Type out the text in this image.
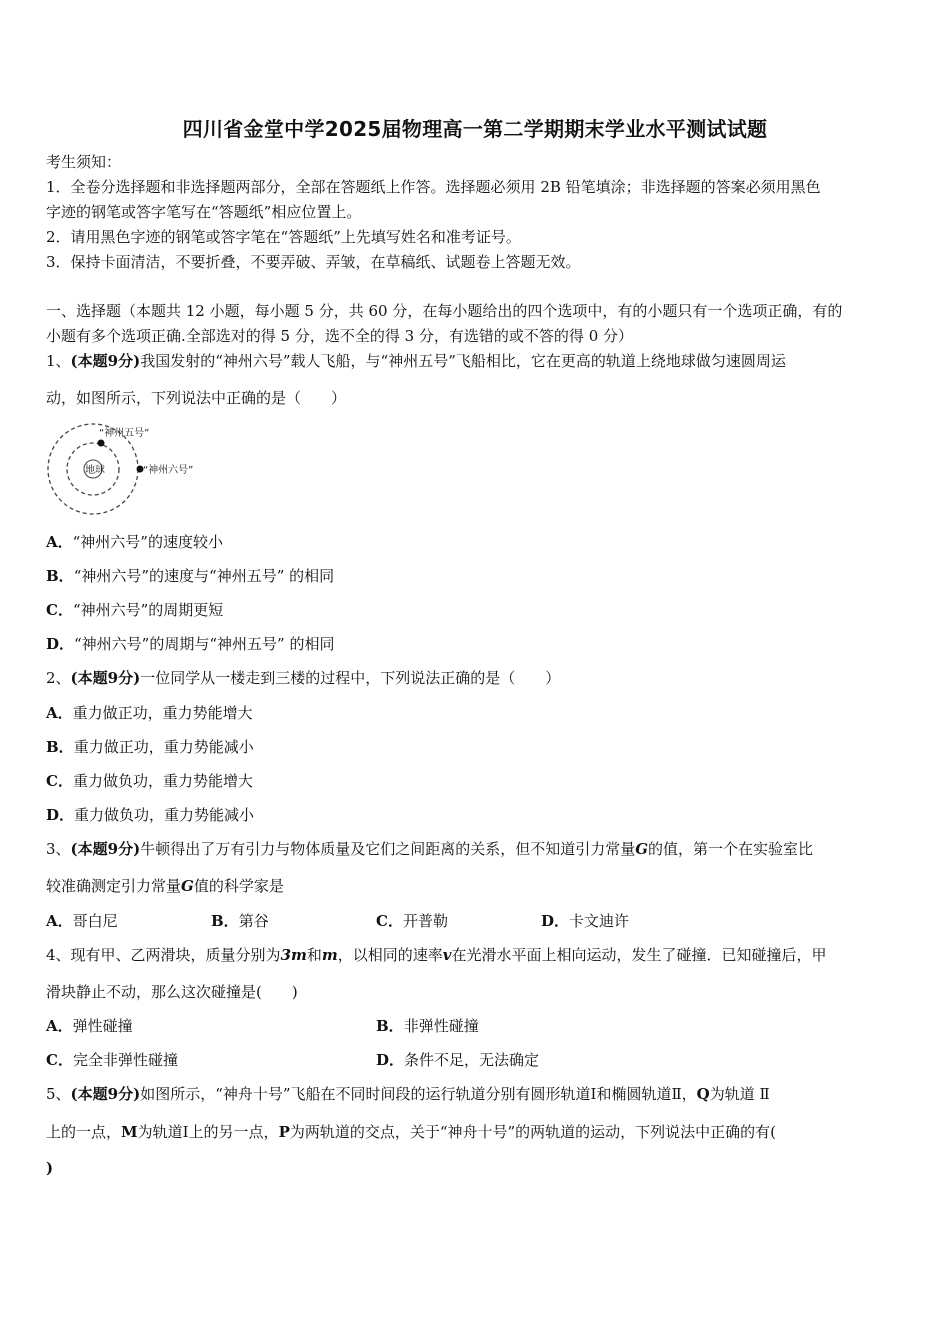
四川省金堂中学2025届物理高一第二学期期末学业水平测试试题
考生须知：
1．全卷分选择题和非选择题两部分，全部在答题纸上作答。选择题必须用 2B 铅笔填涂；非选择题的答案必须用黑色
字迹的钢笔或答字笔写在“答题纸”相应位置上。
2．请用黑色字迹的钢笔或答字笔在“答题纸”上先填写姓名和准考证号。
3．保持卡面清洁，不要折叠，不要弄破、弄皱，在草稿纸、试题卷上答题无效。
一、选择题（本题共 12 小题，每小题 5 分，共 60 分，在每小题给出的四个选项中，有的小题只有一个选项正确，有的
小题有多个选项正确.全部选对的得 5 分，选不全的得 3 分，有选错的或不答的得 0 分）
1、(本题9分)我国发射的“神州六号”载人飞船，与“神州五号”飞船相比，它在更高的轨道上绕地球做匀速圆周运
动，如图所示，下列说法中正确的是（　　）
地球
“神州五号”
“神州六号”
A．“神州六号”的速度较小
B．“神州六号”的速度与“神州五号” 的相同
C．“神州六号”的周期更短
D．“神州六号”的周期与“神州五号” 的相同
2、(本题9分)一位同学从一楼走到三楼的过程中，下列说法正确的是（　　）
A．重力做正功，重力势能增大
B．重力做正功，重力势能减小
C．重力做负功，重力势能增大
D．重力做负功，重力势能减小
3、(本题9分)牛顿得出了万有引力与物体质量及它们之间距离的关系，但不知道引力常量G的值，第一个在实验室比
较准确测定引力常量G值的科学家是
A．哥白尼	B．第谷	C．开普勒	D．卡文迪许
4、现有甲、乙两滑块，质量分别为3m和m，以相同的速率v在光滑水平面上相向运动，发生了碰撞．已知碰撞后，甲
滑块静止不动，那么这次碰撞是(　　)
A．弹性碰撞	B．非弹性碰撞
C．完全非弹性碰撞	D．条件不足，无法确定
5、(本题9分)如图所示，“神舟十号”飞船在不同时间段的运行轨道分别有圆形轨道Ⅰ和椭圆轨道Ⅱ，Q为轨道 Ⅱ
上的一点，M为轨道Ⅰ上的另一点，P为两轨道的交点，关于“神舟十号”的两轨道的运动，下列说法中正确的有(
)
